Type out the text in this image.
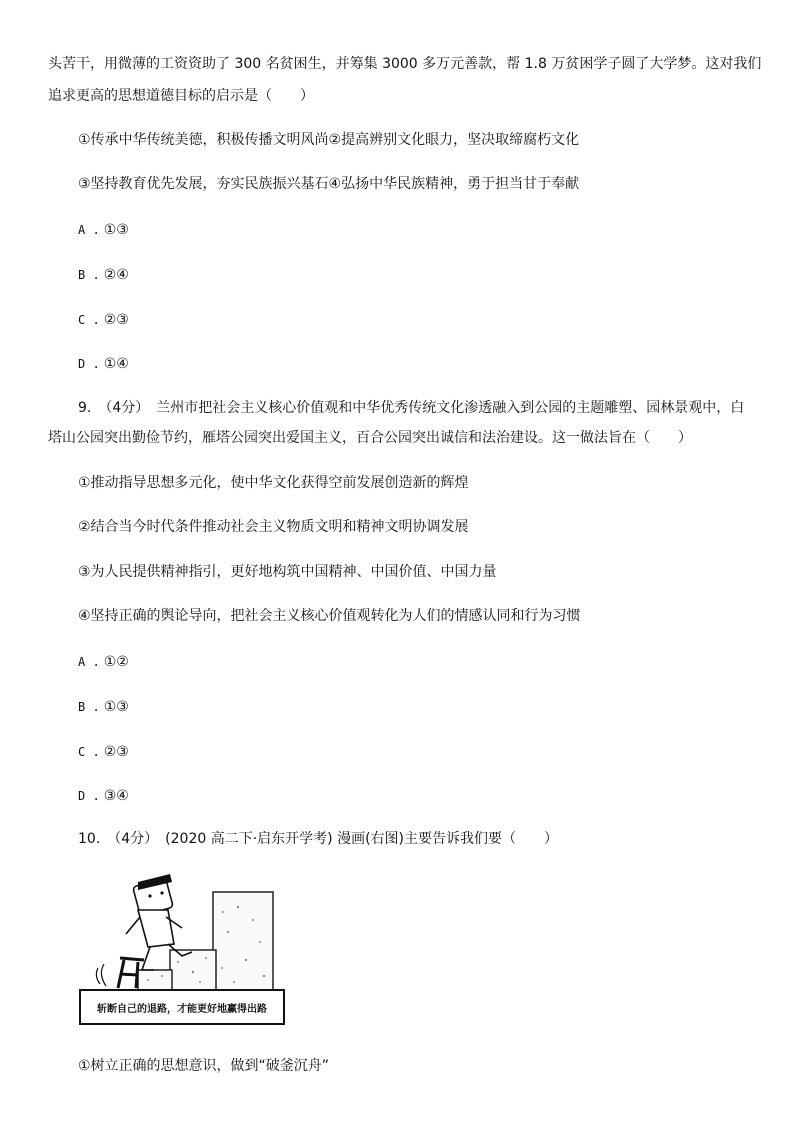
头苦干，用微薄的工资资助了 300 名贫困生，并筹集 3000 多万元善款，帮 1.8 万贫困学子圆了大学梦。这对我们
追求更高的思想道德目标的启示是（　　）
①传承中华传统美德，积极传播文明风尚②提高辨别文化眼力，坚决取缔腐朽文化
③坚持教育优先发展，夯实民族振兴基石④弘扬中华民族精神，勇于担当甘于奉献
A . ①③
B . ②④
C . ②③
D . ①④
9.　（4分）　兰州市把社会主义核心价值观和中华优秀传统文化渗透融入到公园的主题雕塑、园林景观中，白
塔山公园突出勤俭节约，雁塔公园突出爱国主义，百合公园突出诚信和法治建设。这一做法旨在（　　）
①推动指导思想多元化，使中华文化获得空前发展创造新的辉煌
②结合当今时代条件推动社会主义物质文明和精神文明协调发展
③为人民提供精神指引，更好地构筑中国精神、中国价值、中国力量
④坚持正确的舆论导向，把社会主义核心价值观转化为人们的情感认同和行为习惯
A . ①②
B . ①③
C . ②③
D . ③④
10.　（4分）　(2020 高二下·启东开学考) 漫画(右图)主要告诉我们要（　　）
斩断自己的退路，才能更好地赢得出路
①树立正确的思想意识，做到“破釜沉舟”
